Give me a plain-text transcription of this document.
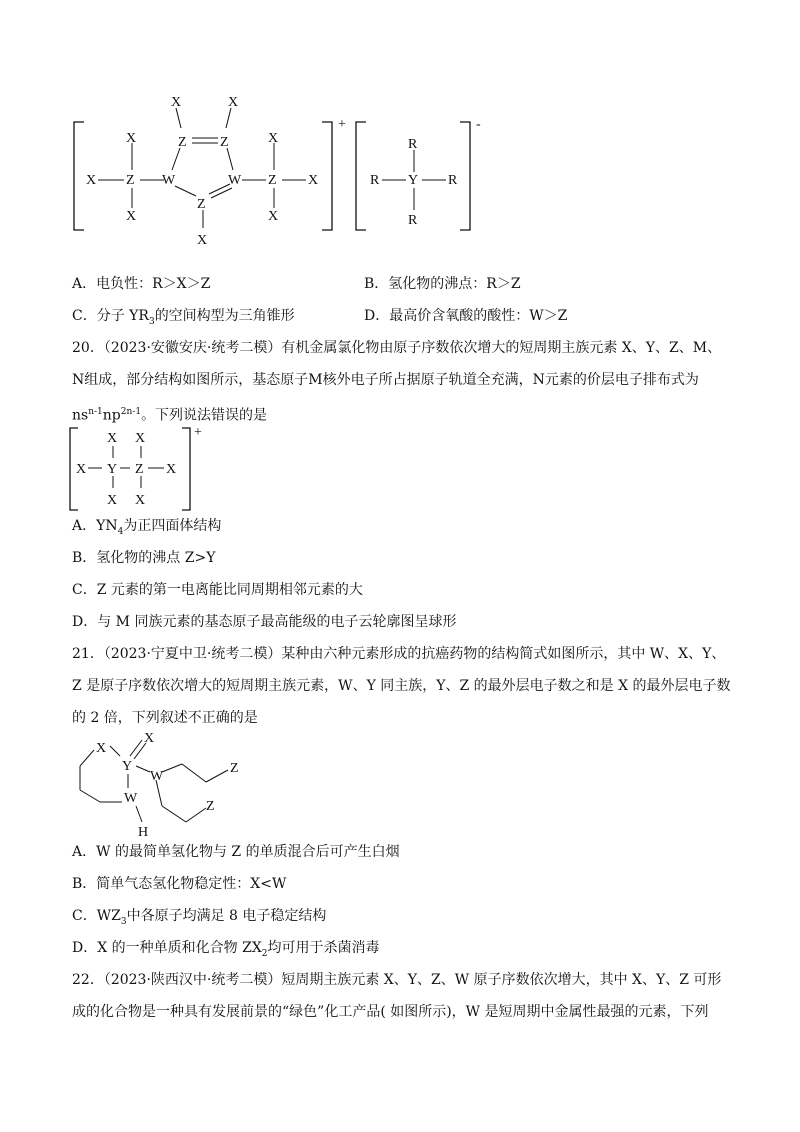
X	X
Z Z
X	X
X Z W	W
Z
X	X
X
Z
X
+
R
R Y R
R
-
A．电负性：R＞X＞Z	B．氢化物的沸点：R＞Z
C．分子 $YR_3$的空间构型为三角锥形	D．最高价含氧酸的酸性：W＞Z
20．（2023·安徽安庆·统考二模）有机金属氯化物由原子序数依次增大的短周期主族元素 X、Y、Z、M、
N组成，部分结构如图所示，基态原子M核外电子所占据原子轨道全充满，N元素的价层电子排布式为
$ns^{n-1}np^{2n-1}$。下列说法错误的是
X X
X Y Z X
X X
+
A．$YN_4$为正四面体结构
B．氢化物的沸点 Z>Y
C．Z 元素的第一电离能比同周期相邻元素的大
D．与 M 同族元素的基态原子最高能级的电子云轮廓图呈球形
21．（2023·宁夏中卫·统考二模）某种由六种元素形成的抗癌药物的结构简式如图所示，其中 W、X、Y、
Z 是原子序数依次增大的短周期主族元素，W、Y 同主族，Y、Z 的最外层电子数之和是 X 的最外层电子数
的 2 倍，下列叙述不正确的是
X
X
Y
W
Z
W
H
Z
A．W 的最简单氢化物与 Z 的单质混合后可产生白烟
B．简单气态氢化物稳定性：X<W
C．$WZ_3$中各原子均满足 8 电子稳定结构
D．X 的一种单质和化合物 $ZX_2$均可用于杀菌消毒
22．（2023·陕西汉中·统考二模）短周期主族元素 X、Y、Z、W 原子序数依次增大，其中 X、Y、Z 可形
成的化合物是一种具有发展前景的“绿色”化工产品( 如图所示)，W 是短周期中金属性最强的元素，下列
